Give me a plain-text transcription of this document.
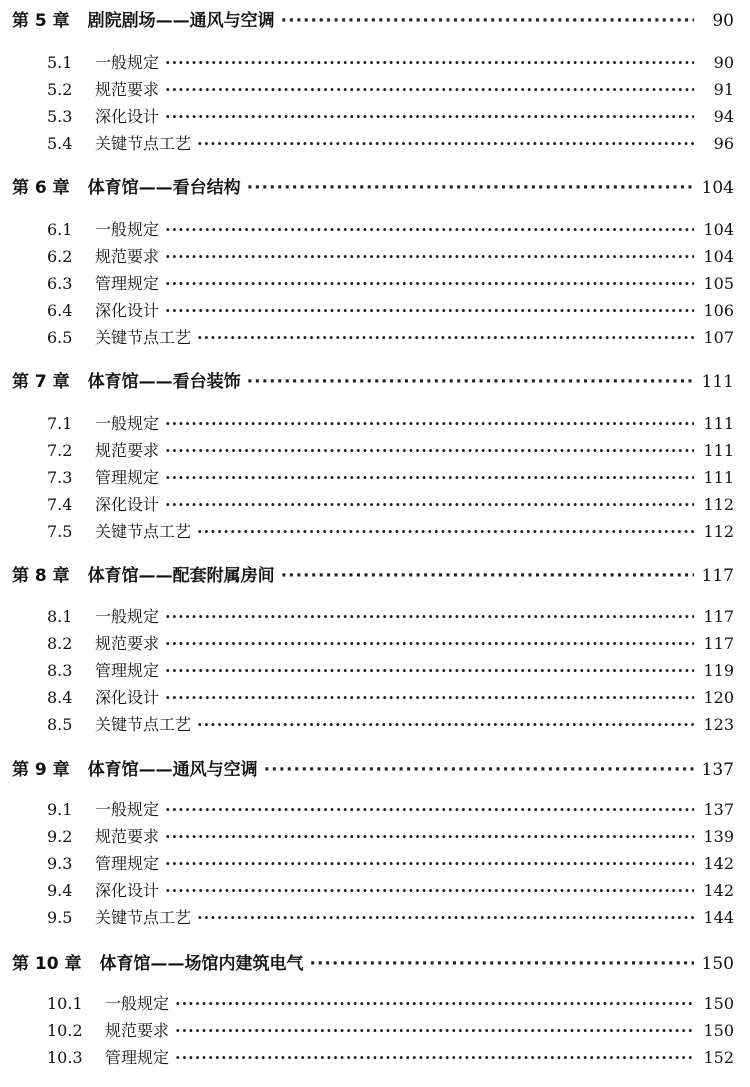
第 5 章 剧院剧场——通风与空调 ·····	90
5.1	一般规定 ·····	90
5.2	规范要求 ·····	91
5.3	深化设计 ·····	94
5.4	关键节点工艺 ·····	96
第 6 章 体育馆——看台结构 ·····	104
6.1	一般规定 ·····	104
6.2	规范要求 ·····	104
6.3	管理规定 ·····	105
6.4	深化设计 ·····	106
6.5	关键节点工艺 ·····	107
第 7 章 体育馆——看台装饰 ·····	111
7.1	一般规定 ·····	111
7.2	规范要求 ·····	111
7.3	管理规定 ·····	111
7.4	深化设计 ·····	112
7.5	关键节点工艺 ·····	112
第 8 章 体育馆——配套附属房间 ·····	117
8.1	一般规定 ·····	117
8.2	规范要求 ·····	117
8.3	管理规定 ·····	119
8.4	深化设计 ·····	120
8.5	关键节点工艺 ·····	123
第 9 章 体育馆——通风与空调 ·····	137
9.1	一般规定 ·····	137
9.2	规范要求 ·····	139
9.3	管理规定 ·····	142
9.4	深化设计 ·····	142
9.5	关键节点工艺 ·····	144
第 10 章 体育馆——场馆内建筑电气 ·····	150
10.1	一般规定 ·····	150
10.2	规范要求 ·····	150
10.3	管理规定 ·····	152
